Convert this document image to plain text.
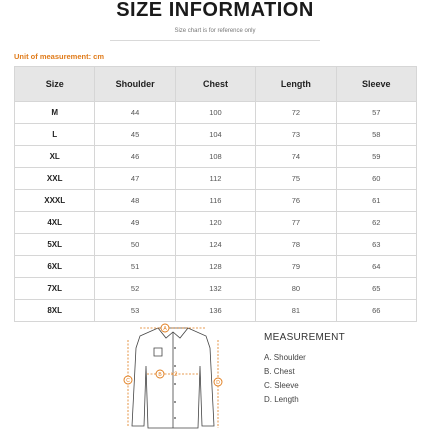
SIZE INFORMATION
Size chart is for reference only
Unit of measurement: cm
Size	Shoulder	Chest	Length	Sleeve
M	44	100	72	57
L	45	104	73	58
XL	46	108	74	59
XXL	47	112	75	60
XXXL	48	116	76	61
4XL	49	120	77	62
5XL	50	124	78	63
6XL	51	128	79	64
7XL	52	132	80	65
8XL	53	136	81	66
A
B
C	D
×2
MEASUREMENT
A. Shoulder
B. Chest
C. Sleeve
D. Length
